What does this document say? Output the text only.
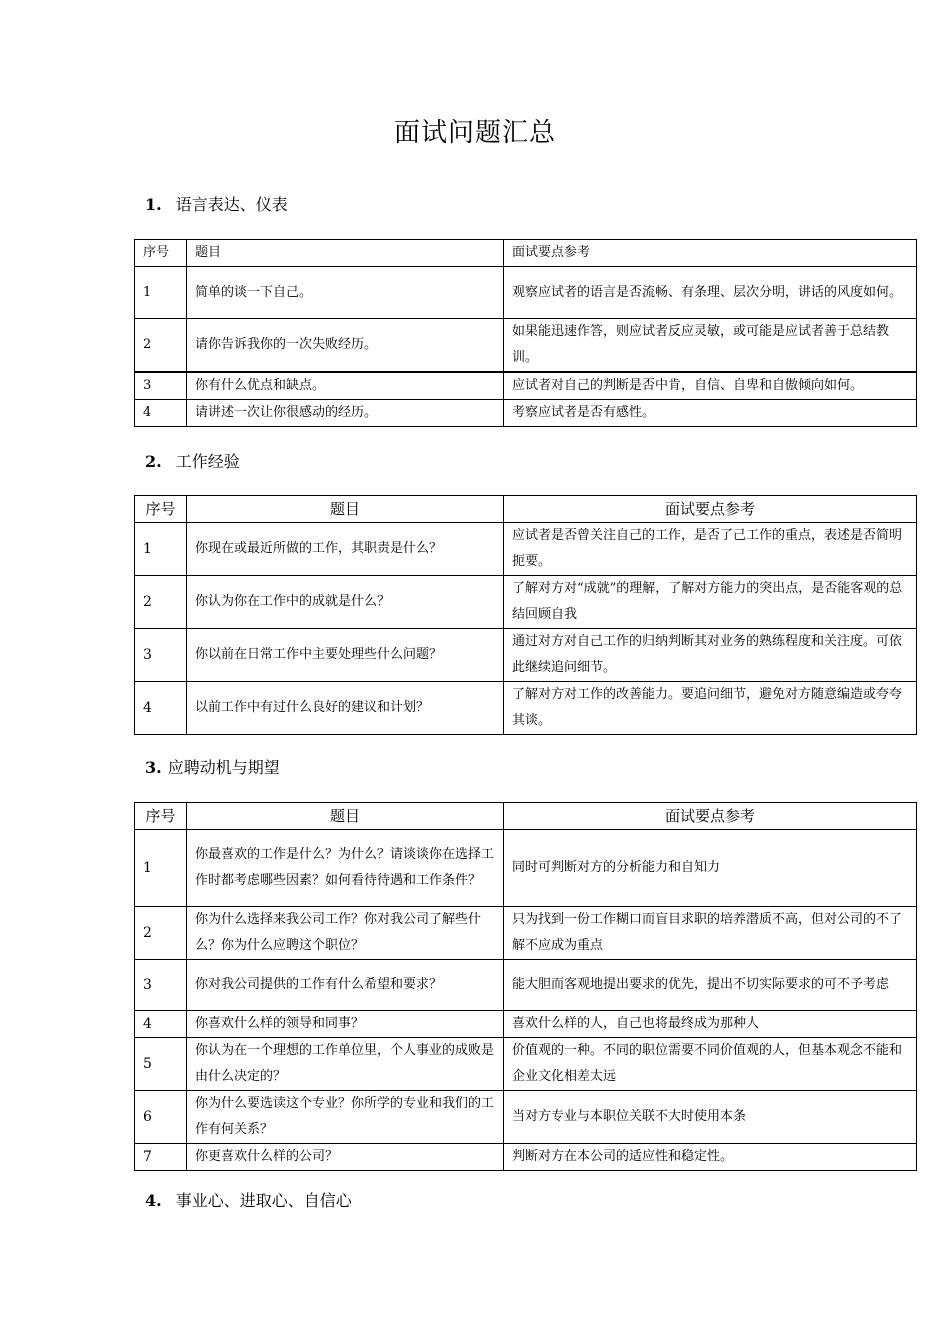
面试问题汇总
1. 语言表达、仪表
序号	题目	面试要点参考
1	简单的谈一下自己。	观察应试者的语言是否流畅、有条理、层次分明，讲话的风度如何。
2	请你告诉我你的一次失败经历。	如果能迅速作答，则应试者反应灵敏，或可能是应试者善于总结教训。
3	你有什么优点和缺点。	应试者对自己的判断是否中肯，自信、自卑和自傲倾向如何。
4	请讲述一次让你很感动的经历。	考察应试者是否有感性。
2. 工作经验
序号	题目	面试要点参考
1	你现在或最近所做的工作，其职责是什么？	应试者是否曾关注自己的工作，是否了己工作的重点，表述是否简明扼要。
2	你认为你在工作中的成就是什么？	了解对方对“成就”的理解，了解对方能力的突出点，是否能客观的总结回顾自我
3	你以前在日常工作中主要处理些什么问题？	通过对方对自己工作的归纳判断其对业务的熟练程度和关注度。可依此继续追问细节。
4	以前工作中有过什么良好的建议和计划？	了解对方对工作的改善能力。要追问细节，避免对方随意编造或夸夸其谈。
3. 应聘动机与期望
序号	题目	面试要点参考
1	你最喜欢的工作是什么？为什么？请谈谈你在选择工作时都考虑哪些因素？如何看待待遇和工作条件？	同时可判断对方的分析能力和自知力
2	你为什么选择来我公司工作？你对我公司了解些什么？你为什么应聘这个职位？	只为找到一份工作糊口而盲目求职的培养潜质不高，但对公司的不了解不应成为重点
3	你对我公司提供的工作有什么希望和要求？	能大胆而客观地提出要求的优先，提出不切实际要求的可不予考虑
4	你喜欢什么样的领导和同事？	喜欢什么样的人，自己也将最终成为那种人
5	你认为在一个理想的工作单位里，个人事业的成败是由什么决定的？	价值观的一种。不同的职位需要不同价值观的人，但基本观念不能和企业文化相差太远
6	你为什么要选读这个专业？你所学的专业和我们的工作有何关系？	当对方专业与本职位关联不大时使用本条
7	你更喜欢什么样的公司？	判断对方在本公司的适应性和稳定性。
4. 事业心、进取心、自信心
